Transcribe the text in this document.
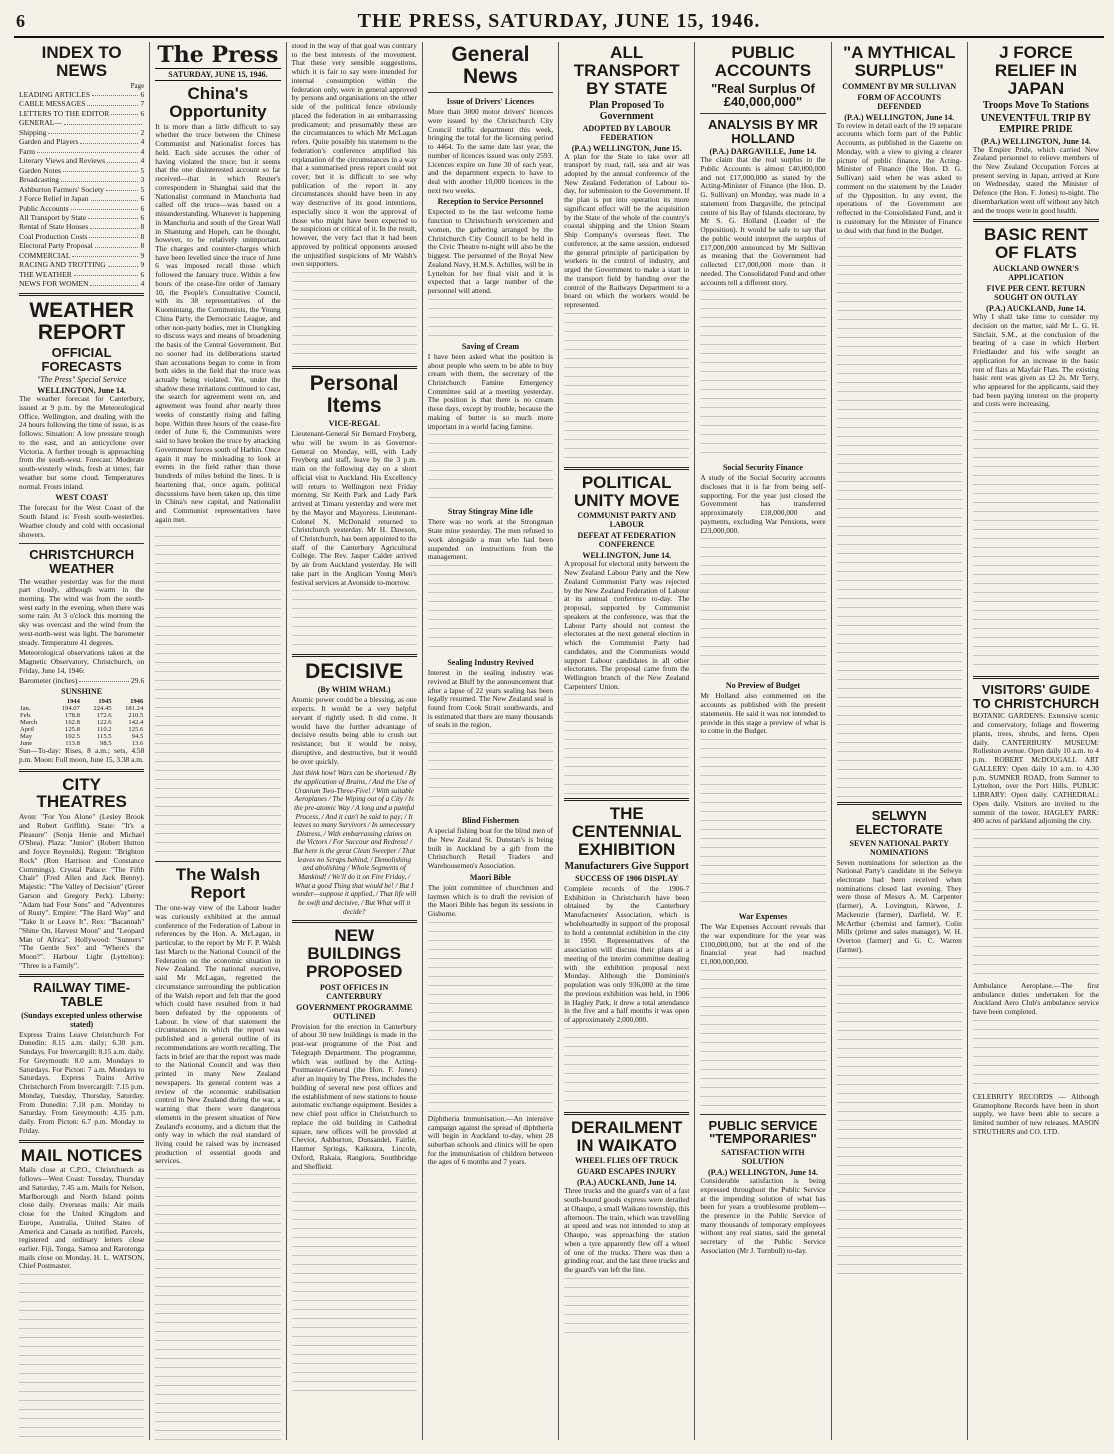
6	THE PRESS, SATURDAY, JUNE 15, 1946.
INDEX TO NEWS
Page
LEADING ARTICLES	6
CABLE MESSAGES	7
LETTERS TO THE EDITOR	6
GENERAL—
Shipping	2
Garden and Players	4
Farm	4
Literary Views and Reviews	4
Garden Notes	5
Broadcasting	3
Ashburton Farmers' Society	5
J Force Relief in Japan	6
Public Accounts	6
All Transport by State	6
Rental of State Houses	8
Coal Production Costs	8
Electoral Party Proposal	8
COMMERCIAL	9
RACING AND TROTTING	9
THE WEATHER	6
NEWS FOR WOMEN	4
WEATHER REPORT
OFFICIAL FORECASTS
"The Press" Special Service
WELLINGTON, June 14.
The weather forecast for Canterbury, issued at 9 p.m. by the Meteorological Office, Wellington, and dealing with the 24 hours following the time of issue, is as follows: Situation: A low pressure trough to the east, and an anticyclone over Victoria. A further trough is approaching from the south-west. Forecast: Moderate south-westerly winds, fresh at times; fair weather but some cloud. Temperatures normal. Frosts inland.
WEST COAST
The forecast for the West Coast of the South Island is: Fresh south-westerlies. Weather cloudy and cold with occasional showers.
CHRISTCHURCH WEATHER
The weather yesterday was for the most part cloudy, although warm in the morning. The wind was from the south-west early in the evening, when there was some rain. At 3 o'clock this morning the sky was overcast and the wind from the west-north-west was light. The barometer steady. Temperature 41 degrees.
Meteorological observations taken at the Magnetic Observatory, Christchurch, on Friday, June 14, 1946:
Barometer (inches)	29.6
SUNSHINE
	1944	1945	1946
Jan.	194.07	224.45	181.24
Feb.	178.8	172.6	210.5
March	162.8	122.6	142.4
April	125.8	110.2	125.6
May	102.5	115.5	94.5
June	113.8	98.5	13.6
Sun—To-day: Rises, 8 a.m.; sets, 4.58 p.m. Moon: Full moon, June 15, 3.38 a.m.
CITY THEATRES
Avon: "For You Alone" (Lesley Brook and Robert Griffith). State: "It's a Pleasure" (Sonja Henie and Michael O'Shea). Plaza: "Junior" (Robert Hutton and Joyce Reynolds). Regent: "Brighton Rock" (Ron Harrison and Constance Cummings). Crystal Palace: "The Fifth Chair" (Fred Allen and Jack Benny). Majestic: "The Valley of Decision" (Greer Garson and Gregory Peck). Liberty: "Adam had Four Sons" and "Adventures of Rusty". Empire: "The Hard Way" and "Take It or Leave It". Rex: "Bacannah" "Shine On, Harvest Moon" and "Leopard Man of Africa". Hollywood: "Sunners" "The Gentle Sex" and "Where's the Moon?". Harbour Light (Lyttelton): "Three is a Family".
RAILWAY TIME-TABLE
(Sundays excepted unless otherwise stated)
Express Trains Leave Christchurch For Dunedin: 8.15 a.m. daily; 6.30 p.m. Sundays. For Invercargill: 8.15 a.m. daily. For Greymouth: 8.0 a.m. Mondays to Saturdays. For Picton: 7 a.m. Mondays to Saturdays. Express Trains Arrive Christchurch From Invercargill: 7.15 p.m. Monday, Tuesday, Thursday, Saturday. From Dunedin: 7.18 p.m. Monday to Saturday. From Greymouth: 4.35 p.m. daily. From Picton: 6.7 p.m. Monday to Friday.
MAIL NOTICES
Mails close at C.P.O., Christchurch as follows—West Coast: Tuesday, Thursday and Saturday, 7.45 a.m. Mails for Nelson, Marlborough and North Island points close daily. Overseas mails: Air mails close for the United Kingdom and Europe, Australia, United States of America and Canada as notified. Parcels, registered and ordinary letters close earlier. Fiji, Tonga, Samoa and Rarotonga mails close on Monday. H. L. WATSON, Chief Postmaster.
The Press
SATURDAY, JUNE 15, 1946.
China's Opportunity
It is more than a little difficult to say whether the truce between the Chinese Communist and Nationalist forces has held. Each side accuses the other of having violated the truce; but it seems that the one disinterested account so far received—that in which Reuter's correspondent in Shanghai said that the Nationalist command in Manchuria had called off the truce—was based on a misunderstanding. Whatever is happening in Manchuria and south of the Great Wall in Shantung and Hopeh, can be thought, however, to be relatively unimportant. The charges and counter-charges which have been levelled since the truce of June 6 was imposed recall those which followed the January truce. Within a few hours of the cease-fire order of January 10, the People's Consultative Council, with its 38 representatives of the Kuomintang, the Communists, the Young China Party, the Democratic League, and other non-party bodies, met in Chungking to discuss ways and means of broadening the basis of the Central Government. But no sooner had its deliberations started than accusations began to come in from both sides in the field that the truce was actually being violated. Yet, under the shadow these irritations continued to cast, the search for agreement went on, and agreement was found after nearly three weeks of constantly rising and falling hope. Within three hours of the cease-fire order of June 6, the Communists were said to have broken the truce by attacking Government forces south of Harbin. Once again it may be misleading to look at events in the field rather than those hundreds of miles behind the lines. It is heartening that, once again, political discussions have been taken up, this time in China's new capital, and Nationalist and Communist representatives have again met.
The Walsh Report
The one-way view of the Labour leader was curiously exhibited at the annual conference of the Federation of Labour in references by the Hon. A. McLagan, in particular, to the report by Mr F. P. Walsh last March to the National Council of the Federation on the economic situation in New Zealand. The national executive, said Mr McLagan, regretted the circumstance surrounding the publication of the Walsh report and felt that the good which could have resulted from it had been defeated by the opponents of Labour. In view of that statement the circumstances in which the report was published and a general outline of its recommendations are worth recalling. The facts in brief are that the report was made to the National Council and was then printed in many New Zealand newspapers. Its general content was a review of the economic stabilisation control in New Zealand during the war, a warning that there were dangerous elements in the present situation of New Zealand's economy, and a dictum that the only way in which the real standard of living could be raised was by increased production of essential goods and services.
stood in the way of that goal was contrary to the best interests of the movement. That these very sensible suggestions, which it is fair to say were intended for internal consumption within the federation only, were in general approved by persons and organisations on the other side of the political fence obviously placed the federation in an embarrassing predicament; and presumably these are the circumstances to which Mr McLagan refers. Quite possibly his statement to the federation's conference amplified his explanation of the circumstances in a way that a summarised press report could not cover; but it is difficult to see why publication of the report in any circumstances should have been in any way destructive of its good intentions, especially since it won the approval of those who might have been expected to be suspicious or critical of it. In the result, however, the very fact that it had been approved by political opponents aroused the unjustified suspicions of Mr Walsh's own supporters.
Personal Items
VICE-REGAL
Lieutenant-General Sir Bernard Freyberg, who will be sworn in as Governor-General on Monday, will, with Lady Freyberg and staff, leave by the 3 p.m. train on the following day on a short official visit to Auckland. His Excellency will return to Wellington next Friday morning. Sir Keith Park and Lady Park arrived at Timaru yesterday and were met by the Mayor and Mayoress. Lieutenant-Colonel N. McDonald returned to Christchurch yesterday. Mr H. Dawson, of Christchurch, has been appointed to the staff of the Canterbury Agricultural College. The Rev. Jasper Calder arrived by air from Auckland yesterday. He will take part in the Anglican Young Men's festival services at Avonside to-morrow.
DECISIVE
(By WHIM WHAM.)
Atomic power could be a blessing, as one expects. It would be a very helpful servant if rightly used. It did come. It would have the further advantage of decisive results being able to crush out resistance; but it would be noisy, disruptive, and destructive, but it would be over quickly.
Just think how! Wars can be shortened / By the application of Brains, / And the Use of Uranium Two-Three-Five! / With suitable Aeroplanes / The Wiping out of a City / Is the pre-atomic Way / A long and a painful Process, / And it can't be said to pay; / It leaves so many Survivors / In unnecessary Distress, / With embarrassing claims on the Victors / For Succour and Redress! / But here is the great Clean Sweeper / That leaves no Scraps behind, / Demolishing and abolishing / Whole Segments of Mankind! / We'll do it on Fire Friday, / What a good Thing that would be! / But I wonder—suppose it applied, / That life will be swift and decisive, / But What will it decide?
NEW BUILDINGS PROPOSED
POST OFFICES IN CANTERBURY
GOVERNMENT PROGRAMME OUTLINED
Provision for the erection in Canterbury of about 30 new buildings is made in the post-war programme of the Post and Telegraph Department. The programme, which was outlined by the Acting-Postmaster-General (the Hon. F. Jones) after an inquiry by The Press, includes the building of several new post offices and the establishment of new stations to house automatic exchange equipment. Besides a new chief post office in Christchurch to replace the old building in Cathedral square, new offices will be provided at Cheviot, Ashburton, Dunsandel, Fairlie, Hanmer Springs, Kaikoura, Lincoln, Oxford, Rakaia, Rangiora, Southbridge and Sheffield.
General News
Issue of Drivers' Licences
More than 3000 motor drivers' licences were issued by the Christchurch City Council traffic department this week, bringing the total for the licensing period to 4464. To the same date last year, the number of licences issued was only 2593. Licences expire on June 30 of each year, and the department expects to have to deal with another 10,000 licences in the next two weeks.
Reception to Service Personnel
Expected to be the last welcome home function to Christchurch servicemen and women, the gathering arranged by the Christchurch City Council to be held in the Civic Theatre to-night will also be the biggest. The personnel of the Royal New Zealand Navy, H.M.S. Achilles, will be in Lyttelton for her final visit and it is expected that a large number of the personnel will attend.
Saving of Cream
I have been asked what the position is about people who seem to be able to buy cream with them, the secretary of the Christchurch Famine Emergency Committee said at a meeting yesterday. The position is that there is no cream these days, except by trouble, because the making of butter is so much more important in a world facing famine.
Stray Stingray Mine Idle
There was no work at the Strongman State mine yesterday. The men refused to work alongside a man who had been suspended on instructions from the management.
Sealing Industry Revived
Interest in the sealing industry was revived at Bluff by the announcement that after a lapse of 22 years sealing has been legally resumed. The New Zealand seal is found from Cook Strait southwards, and is estimated that there are many thousands of seals in the region.
Blind Fishermen
A special fishing boat for the blind men of the New Zealand St. Dunstan's is being built in Auckland by a gift from the Christchurch Retail Traders and Warehousemen's Association.
Maori Bible
The joint committee of churchmen and laymen which is to draft the revision of the Maori Bible has begun its sessions in Gisborne.
Diphtheria Immunisation.—An intensive campaign against the spread of diphtheria will begin in Auckland to-day, when 28 suburban schools and clinics will be open for the immunisation of children between the ages of 6 months and 7 years.
ALL TRANSPORT BY STATE
Plan Proposed To Government
ADOPTED BY LABOUR FEDERATION
(P.A.) WELLINGTON, June 15.
A plan for the State to take over all transport by road, rail, sea and air was adopted by the annual conference of the New Zealand Federation of Labour to-day, for submission to the Government. If the plan is put into operation its more significant effect will be the acquisition by the State of the whole of the country's coastal shipping and the Union Steam Ship Company's overseas fleet. The conference, at the same session, endorsed the general principle of participation by workers in the control of industry, and urged the Government to make a start in the transport field by handing over the control of the Railways Department to a board on which the workers would be represented.
POLITICAL UNITY MOVE
COMMUNIST PARTY AND LABOUR
DEFEAT AT FEDERATION CONFERENCE
WELLINGTON, June 14.
A proposal for electoral unity between the New Zealand Labour Party and the New Zealand Communist Party was rejected by the New Zealand Federation of Labour at its annual conference to-day. The proposal, supported by Communist speakers at the conference, was that the Labour Party should not contest the electorates at the next general election in which the Communist Party had candidates, and the Communists would support Labour candidates in all other electorates. The proposal came from the Wellington branch of the New Zealand Carpenters' Union.
THE CENTENNIAL EXHIBITION
Manufacturers Give Support
SUCCESS OF 1906 DISPLAY
Complete records of the 1906-7 Exhibition in Christchurch have been obtained by the Canterbury Manufacturers' Association, which is wholeheartedly in support of the proposal to hold a centennial exhibition in the city in 1950. Representatives of the association will discuss their plans at a meeting of the interim committee dealing with the exhibition proposal next Monday. Although the Dominion's population was only 936,000 at the time the previous exhibition was held, in 1906 in Hagley Park, it drew a total attendance in the five and a half months it was open of approximately 2,000,000.
DERAILMENT IN WAIKATO
WHEEL FLIES OFF TRUCK
GUARD ESCAPES INJURY
(P.A.) AUCKLAND, June 14.
Three trucks and the guard's van of a fast south-bound goods express were derailed at Ohaupo, a small Waikato township, this afternoon. The train, which was travelling at speed and was not intended to stop at Ohaupo, was approaching the station when a tyre apparently flew off a wheel of one of the trucks. There was then a grinding roar, and the last three trucks and the guard's van left the line.
PUBLIC ACCOUNTS
"Real Surplus Of £40,000,000"
ANALYSIS BY MR HOLLAND
(P.A.) DARGAVILLE, June 14.
The claim that the real surplus in the Public Accounts is almost £40,000,000 and not £17,000,000 as stated by the Acting-Minister of Finance (the Hon. D. G. Sullivan) on Monday, was made in a statement from Dargaville, the principal centre of his Bay of Islands electorate, by Mr S. G. Holland (Leader of the Opposition). It would be safe to say that the public would interpret the surplus of £17,000,000 announced by Mr Sullivan as meaning that the Government had collected £17,000,000 more than it needed. The Consolidated Fund and other accounts tell a different story.
Social Security Finance
A study of the Social Security accounts discloses that it is far from being self-supporting. For the year just closed the Government has transferred approximately £18,000,000 and payments, excluding War Pensions, were £23,000,000.
No Preview of Budget
Mr Holland also commented on the accounts as published with the present statements. He said it was not intended to provide in this stage a preview of what is to come in the Budget.
War Expenses
The War Expenses Account reveals that the war expenditure for the year was £100,000,000, but at the end of the financial year had reached £1,000,000,000.
PUBLIC SERVICE "TEMPORARIES"
SATISFACTION WITH SOLUTION
(P.A.) WELLINGTON, June 14.
Considerable satisfaction is being expressed throughout the Public Service at the impending solution of what has been for years a troublesome problem—the presence in the Public Service of many thousands of temporary employees without any real status, said the general secretary of the Public Service Association (Mr J. Turnbull) to-day.
"A MYTHICAL SURPLUS"
COMMENT BY MR SULLIVAN
FORM OF ACCOUNTS DEFENDED
(P.A.) WELLINGTON, June 14.
To review in detail each of the 19 separate accounts which form part of the Public Accounts, as published in the Gazette on Monday, with a view to giving a clearer picture of public finance, the Acting-Minister of Finance (the Hon. D. G. Sullivan) said when he was asked to comment on the statement by the Leader of the Opposition. In any event, the operations of the Government are reflected in the Consolidated Fund, and it is customary for the Minister of Finance to deal with that fund in the Budget.
SELWYN ELECTORATE
SEVEN NATIONAL PARTY NOMINATIONS
Seven nominations for selection as the National Party's candidate in the Selwyn electorate had been received when nominations closed last evening. They were those of Messrs A. M. Carpenter (farmer), A. Lovington, Kirwee, J. Mackenzie (farmer), Darfield, W. F. McArthur (chemist and farmer), Colin Mills (printer and sales manager), W. H. Overton (farmer) and G. C. Warren (farmer).
J FORCE RELIEF IN JAPAN
Troops Move To Stations
UNEVENTFUL TRIP BY EMPIRE PRIDE
(P.A.) WELLINGTON, June 14.
The Empire Pride, which carried New Zealand personnel to relieve members of the New Zealand Occupation Forces at present serving in Japan, arrived at Kure on Wednesday, stated the Minister of Defence (the Hon. F. Jones) to-night. The disembarkation went off without any hitch and the troops were in good health.
BASIC RENT OF FLATS
AUCKLAND OWNER'S APPLICATION
FIVE PER CENT. RETURN SOUGHT ON OUTLAY
(P.A.) AUCKLAND, June 14.
Why I shall take time to consider my decision on the matter, said Mr L. G. H. Sinclair, S.M., at the conclusion of the hearing of a case in which Herbert Friedlander and his wife sought an application for an increase in the basic rent of flats at Mayfair Flats. The existing basic rent was given as £2 2s. Mr Terry, who appeared for the applicants, said they had been paying interest on the property and costs were increasing.
VISITORS' GUIDE TO CHRISTCHURCH
BOTANIC GARDENS: Extensive scenic and conservatory, foliage and flowering plants, trees, shrubs, and ferns. Open daily. CANTERBURY MUSEUM: Rolleston avenue. Open daily 10 a.m. to 4 p.m. ROBERT McDOUGALL ART GALLERY: Open daily 10 a.m. to 4.30 p.m. SUMNER ROAD, from Sumner to Lyttelton, over the Port Hills. PUBLIC LIBRARY: Open daily. CATHEDRAL: Open daily. Visitors are invited to the summit of the tower. HAGLEY PARK: 400 acres of parkland adjoining the city.
Ambulance Aeroplane.—The first ambulance duties undertaken for the Auckland Aero Club's ambulance service have been completed.
CELEBRITY RECORDS — Although Gramophone Records have been in short supply, we have been able to secure a limited number of new releases. MASON STRUTHERS and CO. LTD.
